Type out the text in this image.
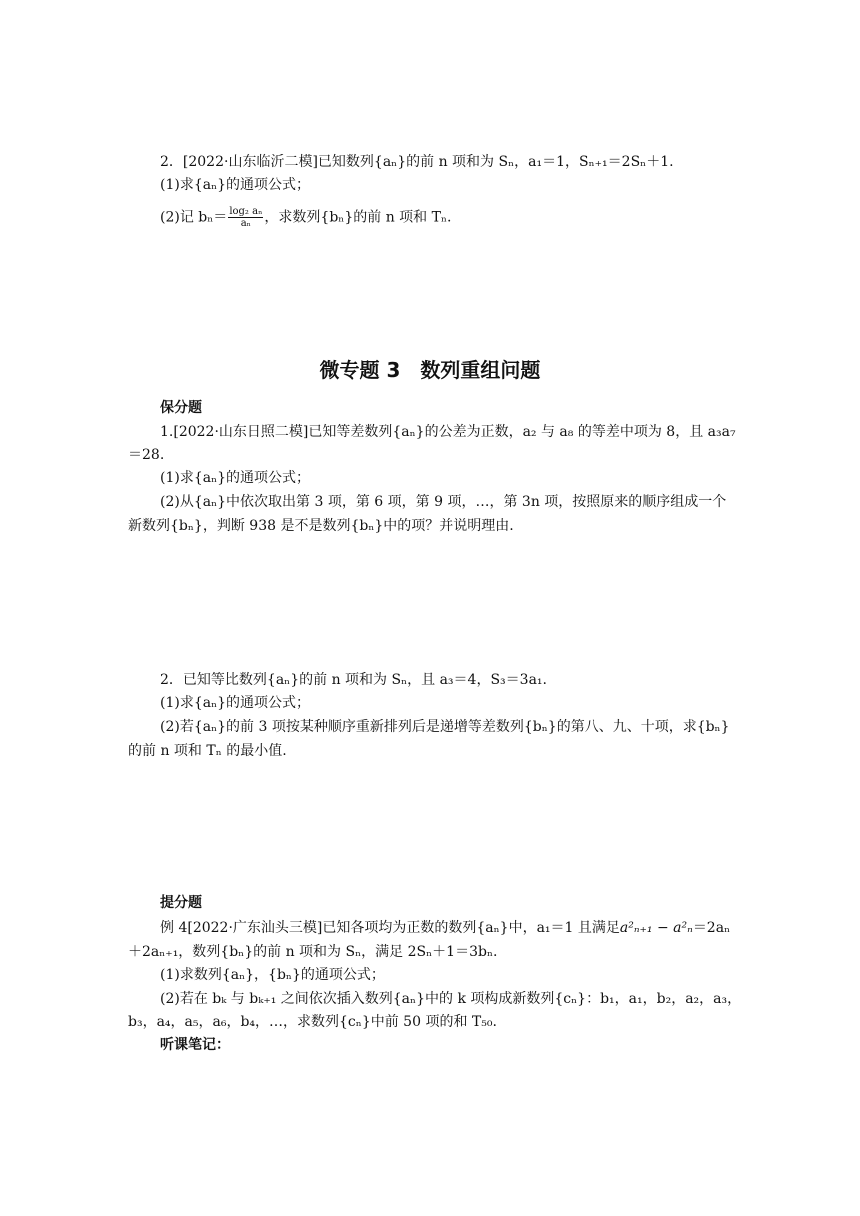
2．[2022·山东临沂二模]已知数列{aₙ}的前 n 项和为 Sₙ，a₁＝1，Sₙ₊₁＝2Sₙ＋1.
(1)求{aₙ}的通项公式；
(2)记 $b_n= \frac{\text{log₂ aₙ}}{\text{aₙ}}$ ，求数列{bₙ}的前 n 项和 Tₙ.
微专题 3　数列重组问题
保分题
1.[2022·山东日照二模]已知等差数列{aₙ}的公差为正数，a₂ 与 a₈ 的等差中项为 8，且 a₃a₇
＝28.
(1)求{aₙ}的通项公式；
(2)从{aₙ}中依次取出第 3 项，第 6 项，第 9 项，…，第 3n 项，按照原来的顺序组成一个
新数列{bₙ}，判断 938 是不是数列{bₙ}中的项？并说明理由.
2．已知等比数列{aₙ}的前 n 项和为 Sₙ，且 a₃＝4，S₃＝3a₁.
(1)求{aₙ}的通项公式；
(2)若{aₙ}的前 3 项按某种顺序重新排列后是递增等差数列{bₙ}的第八、九、十项，求{bₙ}
的前 n 项和 Tₙ 的最小值.
提分题
例 4[2022·广东汕头三模]已知各项均为正数的数列{aₙ}中，a₁＝1 且满足a²ₙ₊₁ − a²ₙ＝2aₙ
＋2aₙ₊₁，数列{bₙ}的前 n 项和为 Sₙ，满足 2Sₙ＋1＝3bₙ.
(1)求数列{aₙ}，{bₙ}的通项公式；
(2)若在 bₖ 与 bₖ₊₁ 之间依次插入数列{aₙ}中的 k 项构成新数列{cₙ}：b₁，a₁，b₂，a₂，a₃，
b₃，a₄，a₅，a₆，b₄，…，求数列{cₙ}中前 50 项的和 T₅₀.
听课笔记：
